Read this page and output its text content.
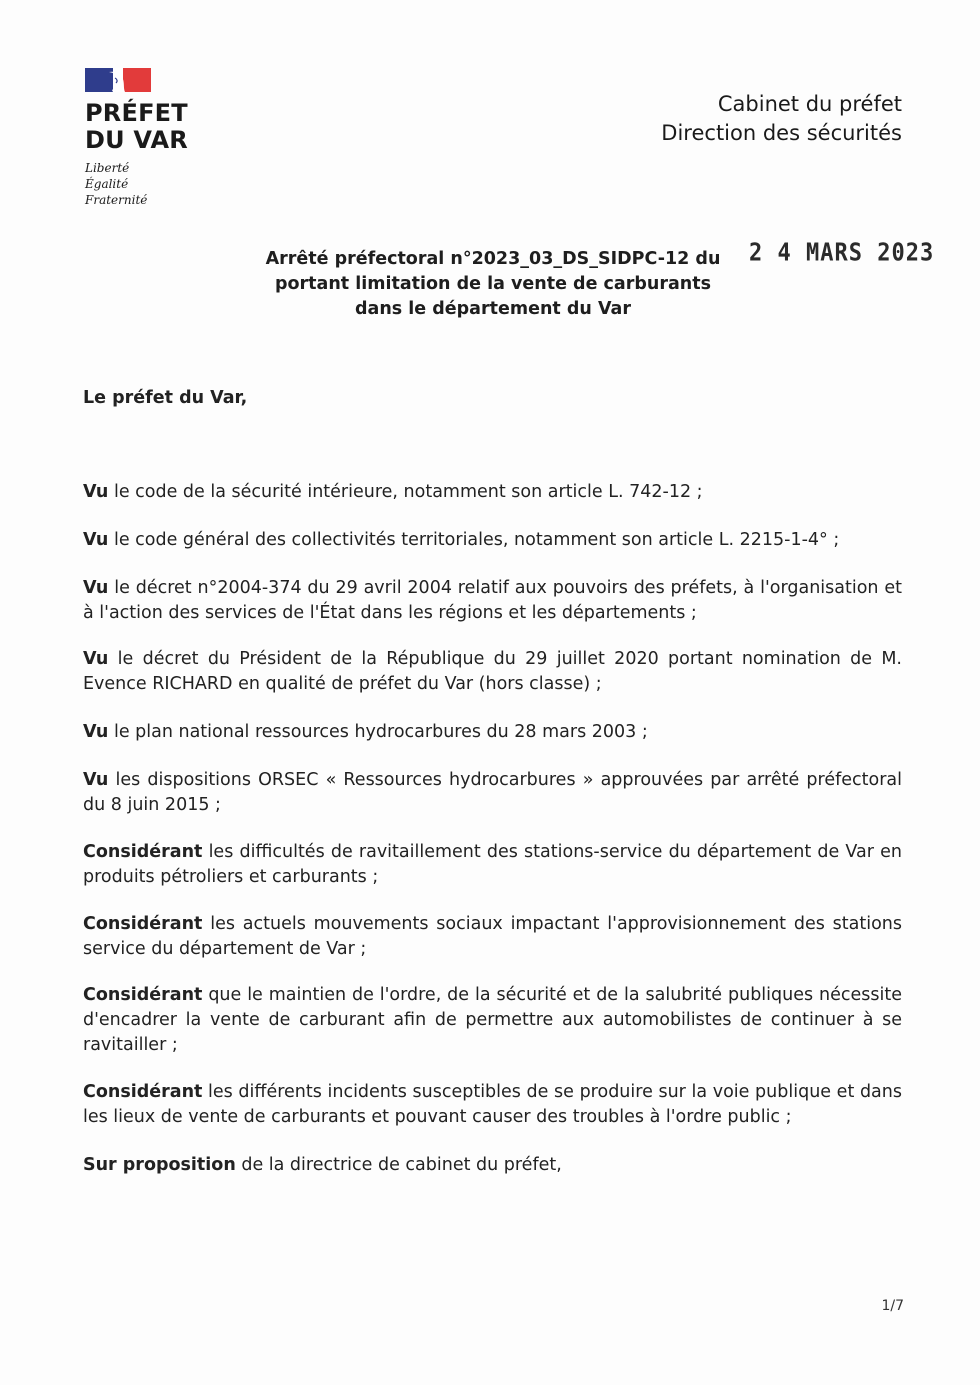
PRÉFET
DU VAR
Liberté
Égalité
Fraternité
Cabinet du préfet
Direction des sécurités
Arrêté préfectoral n°2023_03_DS_SIDPC-12 du
portant limitation de la vente de carburants
dans le département du Var
2 4 MARS 2023

Le préfet du Var,

Vu le code de la sécurité intérieure, notamment son article L. 742-12 ;

Vu le code général des collectivités territoriales, notamment son article L. 2215-1-4° ;

Vu le décret n°2004-374 du 29 avril 2004 relatif aux pouvoirs des préfets, à l'organisation et à l'action des services de l'État dans les régions et les départements ;

Vu le décret du Président de la République du 29 juillet 2020 portant nomination de M. Evence RICHARD en qualité de préfet du Var (hors classe) ;

Vu le plan national ressources hydrocarbures du 28 mars 2003 ;

Vu les dispositions ORSEC « Ressources hydrocarbures » approuvées par arrêté préfectoral du 8 juin 2015 ;

Considérant les difficultés de ravitaillement des stations-service du département de Var en produits pétroliers et carburants ;

Considérant les actuels mouvements sociaux impactant l'approvisionnement des stations service du département de Var ;

Considérant que le maintien de l'ordre, de la sécurité et de la salubrité publiques nécessite d'encadrer la vente de carburant afin de permettre aux automobilistes de continuer à se ravitailler ;

Considérant les différents incidents susceptibles de se produire sur la voie publique et dans les lieux de vente de carburants et pouvant causer des troubles à l'ordre public ;

Sur proposition de la directrice de cabinet du préfet,

1/7
